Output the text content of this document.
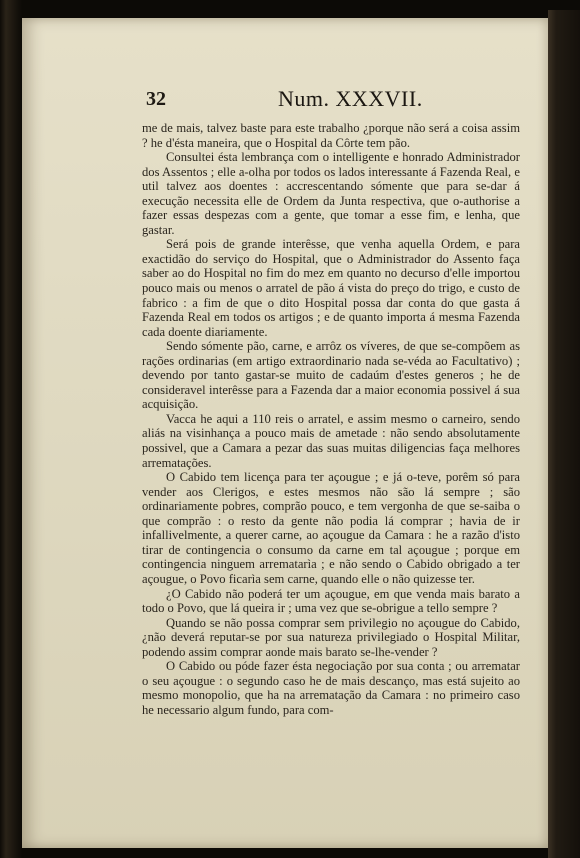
32	Num. XXXVII.

me de mais, talvez baste para este trabalho ¿porque não será a coisa assim ? he d'ésta maneira, que o Hospital da Côrte tem pão.

Consultei ésta lembrança com o intelligente e honrado Administrador dos Assentos ; elle a-olha por todos os lados interessante á Fazenda Real, e util talvez aos doentes : accrescentando sómente que para se-dar á execução necessita elle de Ordem da Junta respectiva, que o-authorise a fazer essas despezas com a gente, que tomar a esse fim, e lenha, que gastar.

Será pois de grande interêsse, que venha aquella Ordem, e para exactidão do serviço do Hospital, que o Administrador do Assento faça saber ao do Hospital no fim do mez em quanto no decurso d'elle importou pouco mais ou menos o arratel de pão á vista do preço do trigo, e custo de fabrico : a fim de que o dito Hospital possa dar conta do que gasta á Fazenda Real em todos os artigos ; e de quanto importa á mesma Fazenda cada doente diariamente.

Sendo sómente pão, carne, e arrôz os víveres, de que se-compõem as rações ordinarias (em artigo extraordinario nada se-véda ao Facultativo) ; devendo por tanto gastar-se muito de cadaúm d'estes generos ; he de consideravel interêsse para a Fazenda dar a maior economia possivel á sua acquisição.

Vacca he aqui a 110 reis o arratel, e assim mesmo o carneiro, sendo aliás na visinhança a pouco mais de ametade : não sendo absolutamente possivel, que a Camara a pezar das suas muitas diligencias faça melhores arrematações.

O Cabido tem licença para ter açougue ; e já o-teve, porêm só para vender aos Clerigos, e estes mesmos não são lá sempre ; são ordinariamente pobres, comprão pouco, e tem vergonha de que se-saiba o que comprão : o resto da gente não podia lá comprar ; havia de ir infallivelmente, a querer carne, ao açougue da Camara : he a razão d'isto tirar de contingencia o consumo da carne em tal açougue ; porque em contingencia ninguem arrematarìa ; e não sendo o Cabido obrigado a ter açougue, o Povo ficarìa sem carne, quando elle o não quizesse ter.

¿O Cabido não poderá ter um açougue, em que venda mais barato a todo o Povo, que lá queira ir ; uma vez que se-obrigue a tello sempre ?

Quando se não possa comprar sem privilegio no açougue do Cabido, ¿não deverá reputar-se por sua natureza privilegiado o Hospital Militar, podendo assim comprar aonde mais barato se-lhe-vender ?

O Cabido ou póde fazer ésta negociação por sua conta ; ou arrematar o seu açougue : o segundo caso he de mais descanço, mas está sujeito ao mesmo monopolio, que ha na arrematação da Camara : no primeiro caso he necessario algum fundo, para com-
